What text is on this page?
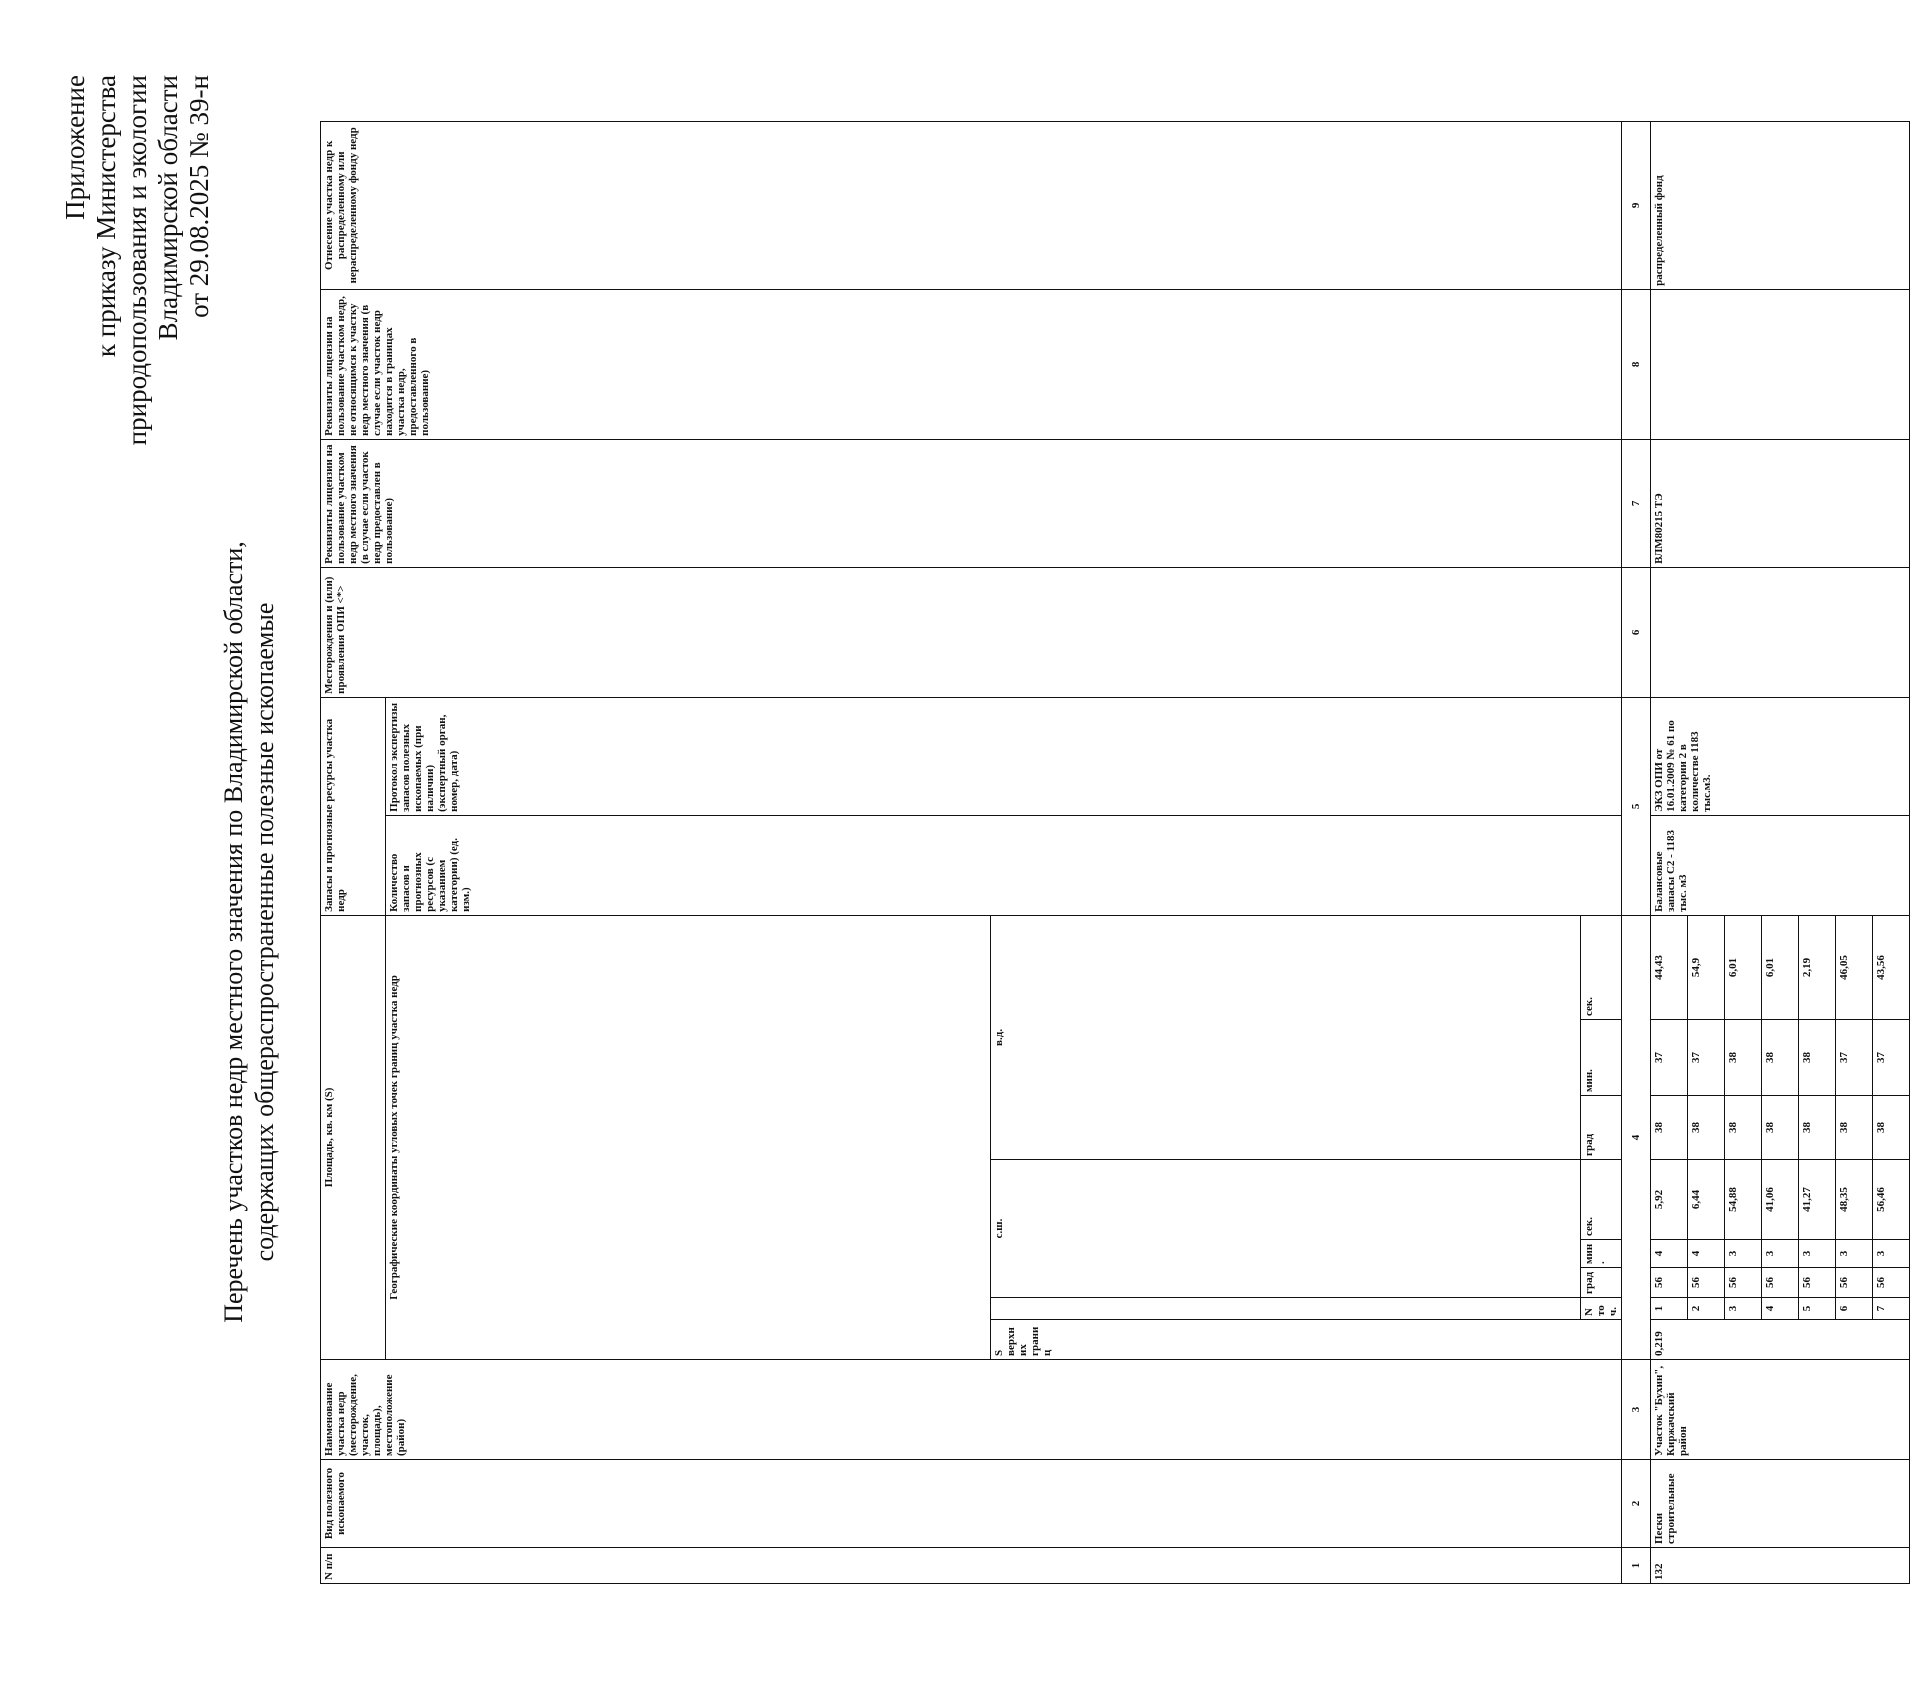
Приложение к приказу Министерства природопользования и экологии Владимирской области от 29.08.2025 № 39-н
Перечень участков недр местного значения по Владимирской области, содержащих общераспространенные полезные ископаемые
N п/п	Вид полезного ископаемого	Наименование участка недр (месторождение, участок, площадь), местоположение (район)	Площадь, кв. км (S)								Запасы и прогнозные ресурсы участка недр		Месторождения и (или) проявления ОПИ <*>	Реквизиты лицензии на пользование участком недр местного значения (в случае если участок недр предоставлен в пользование)	Реквизиты лицензии на пользование участком недр, не относящимся к участку недр местного значения (в случае если участок недр находится в границах участка недр, предоставленного в пользование)	Отнесение участка недр к распределенному или нераспределенному фонду недр		
			Географические координаты угловых точек границ участка недр								Количество запасов и прогнозных ресурсов (с указанием категории) (ед. изм.)	Протокол экспертизы запасов полезных ископаемых (при наличии) (экспертный орган, номер, дата)					
			S верхних границ		с.ш.			в.д.									
				N точ.	град	мин.	сек.	град	мин.	сек.							
1	2	3	4								5		6	7	8	9		
132	Пески строительные	Участок "Бухин", Киржачский район	0,219	1	56	4	5,92	38	37	44,43	Балансовые запасы С2 - 1183 тыс. м3	ЭКЗ ОПИ от 16.01.2009 № 61 по категории 2 в количестве 1183 тыс.м3.		ВЛМ80215 ТЭ		распределенный фонд		
				2	56	4	6,44	38	37	54,9							
				3	56	3	54,88	38	38	6,01							
				4	56	3	41,06	38	38	6,01							
				5	56	3	41,27	38	38	2,19							
				6	56	3	48,35	38	37	46,05							
				7	56	3	56,46	38	37	43,56							
